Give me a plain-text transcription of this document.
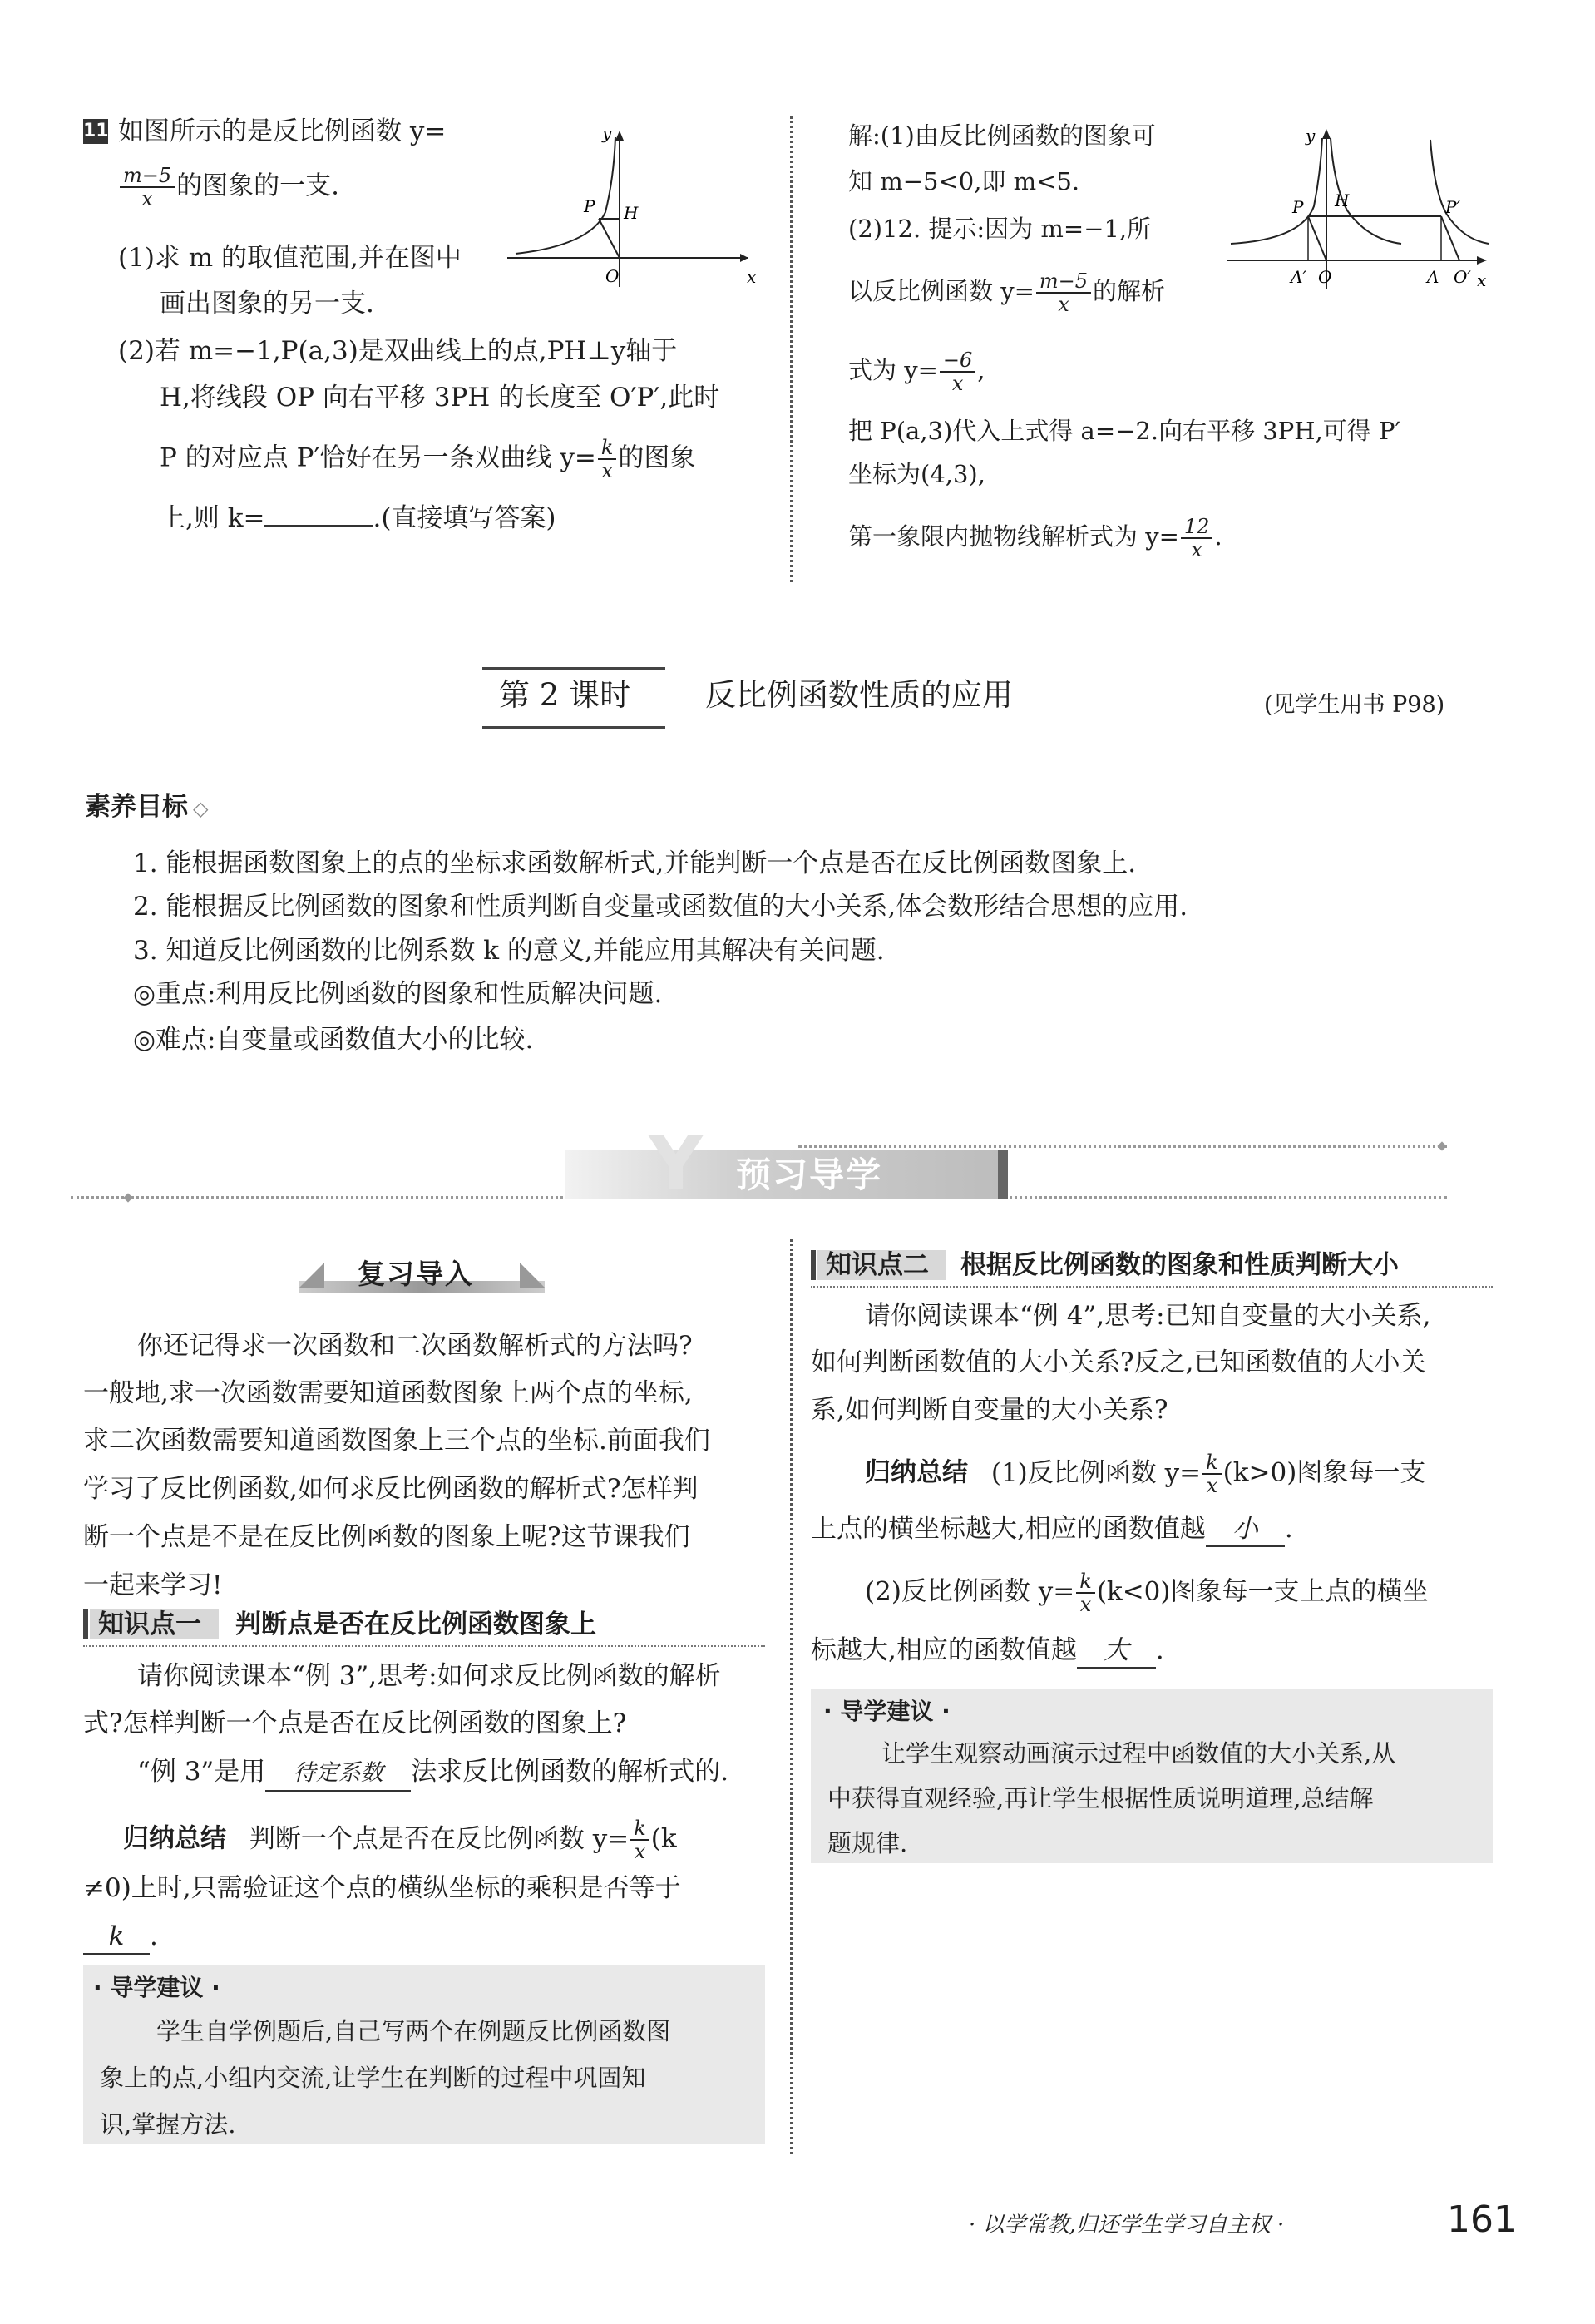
11 如图所示的是反比例函数 y=
$\frac{m-5}{x}$ 的图象的一支.
(1)求 m 的取值范围,并在图中
画出图象的另一支.
(2)若 m=−1,P(a,3)是双曲线上的点,PH⊥y轴于
H,将线段 OP 向右平移 3PH 的长度至 O′P′,此时
P 的对应点 P′恰好在另一条双曲线 $y= \frac{k}{x}$ 的图象
上,则 k=	.(直接填写答案)
y
x
O
P H
解:(1)由反比例函数的图象可
知 m−5<0,即 m<5.
(2)12. 提示:因为 m=−1,所
以反比例函数 $y= \frac{m-5}{x}$ 的解析
式为 $y= \frac{-6}{x}$ ,
把 P(a,3)代入上式得 a=−2.向右平移 3PH,可得 P′
坐标为(4,3),
第一象限内抛物线解析式为 $y= \frac{12}{x}$ .
y
x
P H	P′
A′ O	A O′
第 2 课时 反比例函数性质的应用	(见学生用书 P98)
素养目标 ◇
1. 能根据函数图象上的点的坐标求函数解析式,并能判断一个点是否在反比例函数图象上.
2. 能根据反比例函数的图象和性质判断自变量或函数值的大小关系,体会数形结合思想的应用.
3. 知道反比例函数的比例系数 k 的意义,并能应用其解决有关问题.
◎重点:利用反比例函数的图象和性质解决问题.
◎难点:自变量或函数值大小的比较.
Y 预习导学
复习导入
你还记得求一次函数和二次函数解析式的方法吗?
一般地,求一次函数需要知道函数图象上两个点的坐标,
求二次函数需要知道函数图象上三个点的坐标.前面我们
学习了反比例函数,如何求反比例函数的解析式?怎样判
断一个点是不是在反比例函数的图象上呢?这节课我们
一起来学习!
知识点一 判断点是否在反比例函数图象上
请你阅读课本“例 3”,思考:如何求反比例函数的解析
式?怎样判断一个点是否在反比例函数的图象上?
“例 3”是用 待定系数 法求反比例函数的解析式的.
归纳总结 判断一个点是否在反比例函数 $y= \frac{k}{x} (k$
≠0)上时,只需验证这个点的横纵坐标的乘积是否等于
k .
· 导学建议 ·
学生自学例题后,自己写两个在例题反比例函数图
象上的点,小组内交流,让学生在判断的过程中巩固知
识,掌握方法.
知识点二 根据反比例函数的图象和性质判断大小
请你阅读课本“例 4”,思考:已知自变量的大小关系,
如何判断函数值的大小关系?反之,已知函数值的大小关
系,如何判断自变量的大小关系?
归纳总结 (1)反比例函数 $y= \frac{k}{x} (k>0)$图象每一支
上点的横坐标越大,相应的函数值越 小 .
(2)反比例函数 $y= \frac{k}{x} (k<0)$图象每一支上点的横坐
标越大,相应的函数值越 大 .
· 导学建议 ·
让学生观察动画演示过程中函数值的大小关系,从
中获得直观经验,再让学生根据性质说明道理,总结解
题规律.
· 以学常教,归还学生学习自主权 ·	161
